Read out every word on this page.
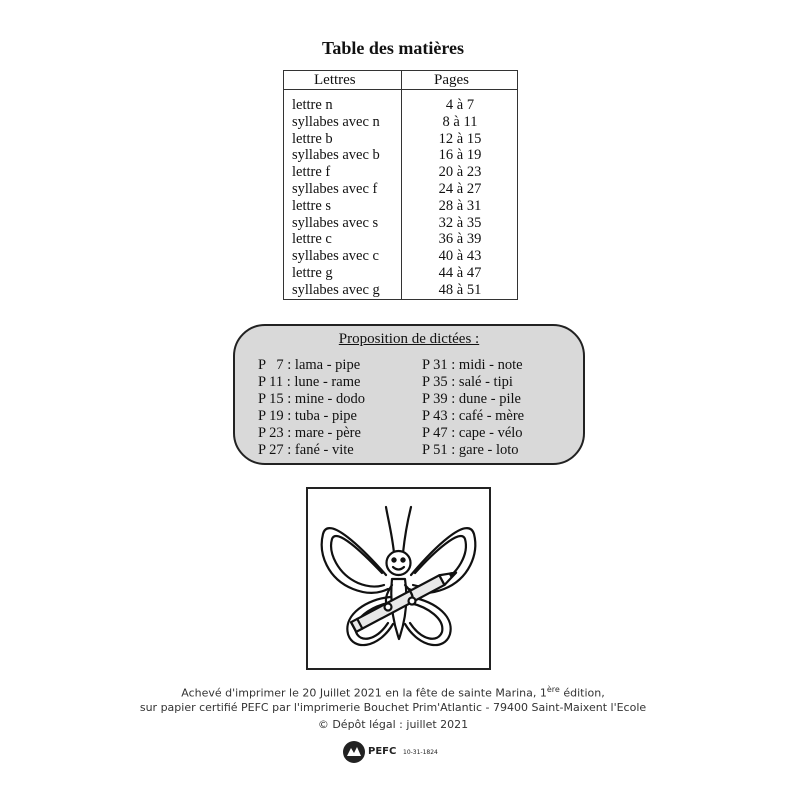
Table des matières
Lettres	Pages
lettre n	4 à 7
syllabes avec n	8 à 11
lettre b	12 à 15
syllabes avec b	16 à 19
lettre f	20 à 23
syllabes avec f	24 à 27
lettre s	28 à 31
syllabes avec s	32 à 35
lettre c	36 à 39
syllabes avec c	40 à 43
lettre g	44 à 47
syllabes avec g	48 à 51
Proposition de dictées :
P   7 : lama - pipe
P 11 : lune - rame
P 15 : mine - dodo
P 19 : tuba - pipe
P 23 : mare - père
P 27 : fané - vite
P 31 : midi - note
P 35 : salé - tipi
P 39 : dune - pile
P 43 : café - mère
P 47 : cape - vélo
P 51 : gare - loto
Achevé d'imprimer le 20 Juillet 2021 en la fête de sainte Marina, 1ère édition,
sur papier certifié PEFC par l'imprimerie Bouchet Prim'Atlantic - 79400 Saint-Maixent l'Ecole
© Dépôt légal : juillet 2021
PEFC 10-31-1824
